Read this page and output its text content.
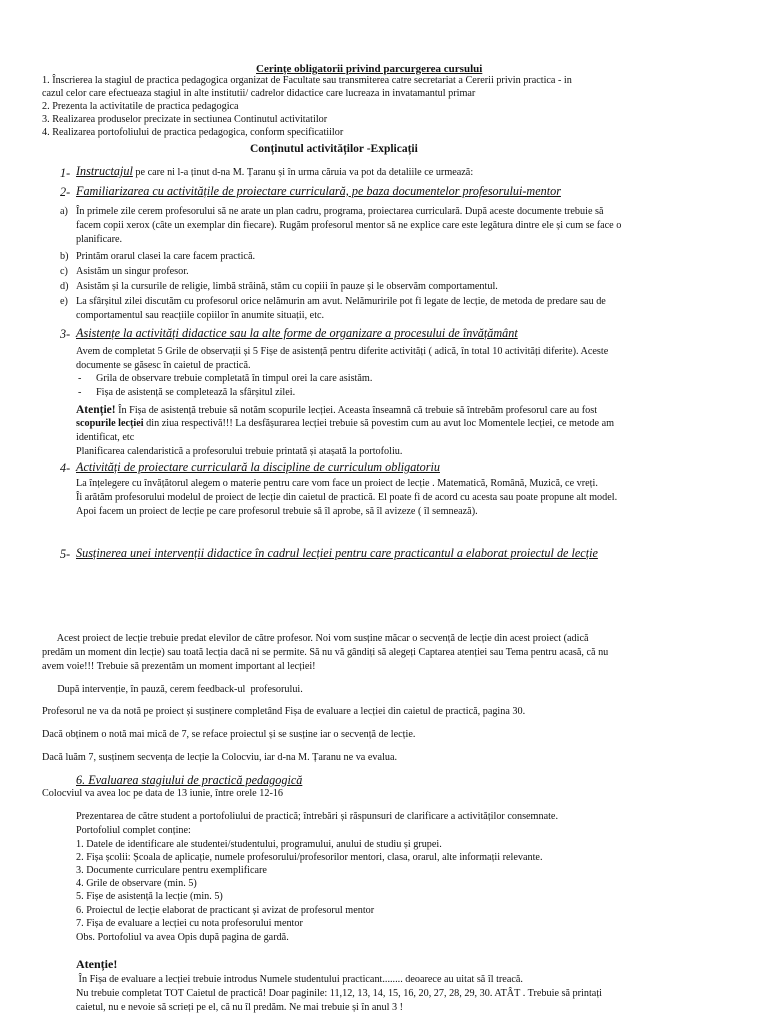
Cerințe obligatorii privind parcurgerea cursului
1. Înscrierea la stagiul de practica pedagogica organizat de Facultate sau transmiterea catre secretariat a Cererii privin practica - in
cazul celor care efectueaza stagiul in alte institutii/ cadrelor didactice care lucreaza in invatamantul primar
2. Prezenta la activitatile de practica pedagogica
3. Realizarea produselor precizate in sectiunea Continutul activitatilor
4. Realizarea portofoliului de practica pedagogica, conform specificatiilor
Conținutul activităților -Explicații
1- Instructajul pe care ni l-a ținut d-na M. Țaranu și în urma căruia va pot da detaliile ce urmează:
2- Familiarizarea cu activitățile de proiectare curriculară, pe baza documentelor profesorului-mentor
a) În primele zile cerem profesorului să ne arate un plan cadru, programa, proiectarea curriculară. După aceste documente trebuie să
facem copii xerox (câte un exemplar din fiecare). Rugăm profesorul mentor să ne explice care este legătura dintre ele și cum se face o
planificare.
b) Printăm orarul clasei la care facem practică.
c) Asistăm un singur profesor.
d) Asistăm și la cursurile de religie, limbă străină, stăm cu copiii în pauze și le observăm comportamentul.
e) La sfârșitul zilei discutăm cu profesorul orice nelămurin am avut. Nelămuririle pot fi legate de lecție, de metoda de predare sau de
comportamentul sau reacțiile copiilor în anumite situații, etc.
3- Asistențe la activități didactice sau la alte forme de organizare a procesului de învățământ
Avem de completat 5 Grile de observații și 5 Fișe de asistență pentru diferite activități ( adică, în total 10 activități diferite). Aceste
documente se găsesc în caietul de practică.
- Grila de observare trebuie completată în timpul orei la care asistăm.
- Fișa de asistență se completează la sfârșitul zilei.
Atenție! În Fișa de asistență trebuie să notăm scopurile lecției. Aceasta înseamnă că trebuie să întrebăm profesorul care au fost
scopurile lecției din ziua respectivă!!! La desfășurarea lecției trebuie să povestim cum au avut loc Momentele lecției, ce metode am
identificat, etc
Planificarea calendaristică a profesorului trebuie printată și atașată la portofoliu.
4- Activități de proiectare curriculară la discipline de curriculum obligatoriu
La înțelegere cu învățătorul alegem o materie pentru care vom face un proiect de lecție . Matematică, Română, Muzică, ce vreți.
Îi arătăm profesorului modelul de proiect de lecție din caietul de practică. El poate fi de acord cu acesta sau poate propune alt model.
Apoi facem un proiect de lecție pe care profesorul trebuie să îl aprobe, să îl avizeze ( îl semnează).
5- Susținerea unei intervenții didactice în cadrul lecției pentru care practicantul a elaborat proiectul de lecție
Acest proiect de lecție trebuie predat elevilor de către profesor. Noi vom susține măcar o secvență de lecție din acest proiect (adică
predăm un moment din lecție) sau toată lecția dacă ni se permite. Să nu vă gândiți să alegeți Captarea atenției sau Tema pentru acasă, că nu
avem voie!!! Trebuie să prezentăm un moment important al lecției!
După intervenție, în pauză, cerem feedback-ul  profesorului.
Profesorul ne va da notă pe proiect și susținere completând Fișa de evaluare a lecției din caietul de practică, pagina 30.
Dacă obținem o notă mai mică de 7, se reface proiectul și se susține iar o secvență de lecție.
Dacă luăm 7, susținem secvența de lecție la Colocviu, iar d-na M. Țaranu ne va evalua.
6. Evaluarea stagiului de practică pedagogică
Colocviul va avea loc pe data de 13 iunie, între orele 12-16
Prezentarea de către student a portofoliului de practică; întrebări și răspunsuri de clarificare a activităților consemnate.
Portofoliul complet conține:
1. Datele de identificare ale studentei/studentului, programului, anului de studiu și grupei.
2. Fișa școlii: Școala de aplicație, numele profesorului/profesorilor mentori, clasa, orarul, alte informații relevante.
3. Documente curriculare pentru exemplificare
4. Grile de observare (min. 5)
5. Fișe de asistență la lecție (min. 5)
6. Proiectul de lecție elaborat de practicant și avizat de profesorul mentor
7. Fișa de evaluare a lecției cu nota profesorului mentor
Obs. Portofoliul va avea Opis după pagina de gardă.
Atenție!
În Fișa de evaluare a lecției trebuie introdus Numele studentului practicant........ deoarece au uitat să îl treacă.
Nu trebuie completat TOT Caietul de practică! Doar paginile: 11,12, 13, 14, 15, 16, 20, 27, 28, 29, 30. ATÂT . Trebuie să printați
caietul, nu e nevoie să scrieți pe el, că nu îl predăm. Ne mai trebuie și în anul 3 !
